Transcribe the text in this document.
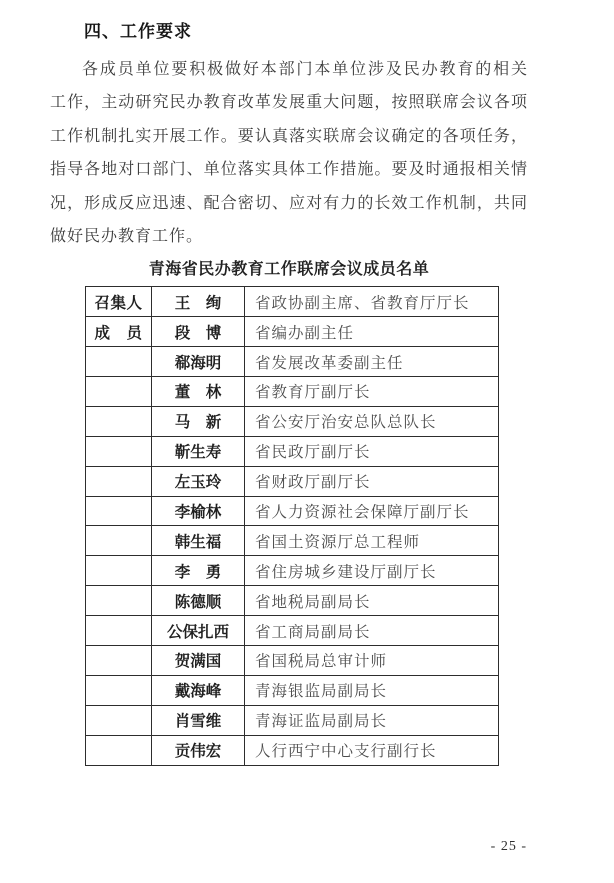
四、工作要求
各成员单位要积极做好本部门本单位涉及民办教育的相关
工作，主动研究民办教育改革发展重大问题，按照联席会议各项
工作机制扎实开展工作。要认真落实联席会议确定的各项任务，
指导各地对口部门、单位落实具体工作措施。要及时通报相关情
况，形成反应迅速、配合密切、应对有力的长效工作机制，共同
做好民办教育工作。
青海省民办教育工作联席会议成员名单
召集人	王　绚	省政协副主席、省教育厅厅长
成　员	段　博	省编办副主任
	郗海明	省发展改革委副主任
	董　林	省教育厅副厅长
	马　新	省公安厅治安总队总队长
	靳生寿	省民政厅副厅长
	左玉玲	省财政厅副厅长
	李榆林	省人力资源社会保障厅副厅长
	韩生福	省国土资源厅总工程师
	李　勇	省住房城乡建设厅副厅长
	陈德顺	省地税局副局长
	公保扎西	省工商局副局长
	贺满国	省国税局总审计师
	戴海峰	青海银监局副局长
	肖雪维	青海证监局副局长
	贡伟宏	人行西宁中心支行副行长
- 25 -
